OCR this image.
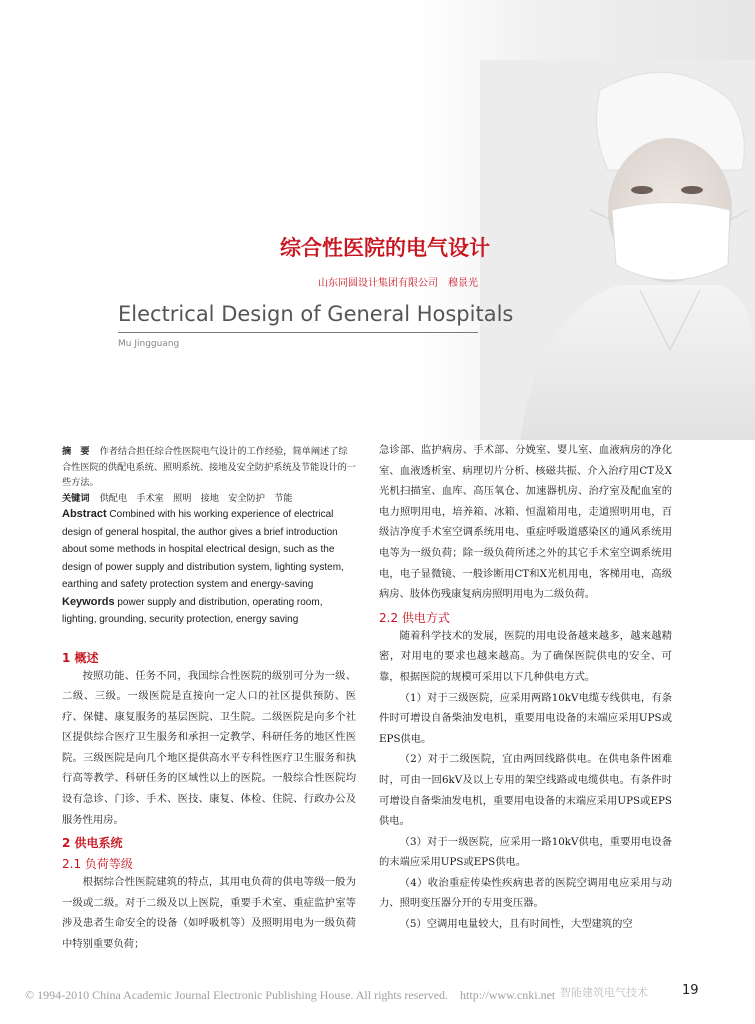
综合性医院的电气设计
山东同圆设计集团有限公司　穆景光
Electrical Design of General Hospitals
Mu Jingguang

摘　要 作者结合担任综合性医院电气设计的工作经验，简单阐述了综合性医院的供配电系统、照明系统、接地及安全防护系统及节能设计的一些方法。

关键词 供配电　手术室　照明　接地　安全防护　节能

Abstract Combined with his working experience of electrical design of general hospital, the author gives a brief introduction about some methods in hospital electrical design, such as the design of power supply and distribution system, lighting system, earthing and safety protection system and energy-saving

Keywords power supply and distribution, operating room, lighting, grounding, security protection, energy saving

1 概述

按照功能、任务不同，我国综合性医院的级别可分为一级、二级、三级。一级医院是直接向一定人口的社区提供预防、医疗、保健、康复服务的基层医院、卫生院。二级医院是向多个社区提供综合医疗卫生服务和承担一定教学、科研任务的地区性医院。三级医院是向几个地区提供高水平专科性医疗卫生服务和执行高等教学、科研任务的区域性以上的医院。一般综合性医院均设有急诊、门诊、手术、医技、康复、体检、住院、行政办公及服务性用房。

2 供电系统

2.1 负荷等级

根据综合性医院建筑的特点，其用电负荷的供电等级一般为一级或二级。对于二级及以上医院，重要手术室、重症监护室等涉及患者生命安全的设备（如呼吸机等）及照明用电为一级负荷中特别重要负荷；

急诊部、监护病房、手术部、分娩室、婴儿室、血液病房的净化室、血液透析室、病理切片分析、核磁共振、介入治疗用CT及X光机扫描室、血库、高压氧仓、加速器机房、治疗室及配血室的电力照明用电，培养箱、冰箱、恒温箱用电，走道照明用电，百级洁净度手术室空调系统用电、重症呼吸道感染区的通风系统用电等为一级负荷；除一级负荷所述之外的其它手术室空调系统用电，电子显微镜、一般诊断用CT和X光机用电，客梯用电，高级病房、肢体伤残康复病房照明用电为二级负荷。

2.2 供电方式

随着科学技术的发展，医院的用电设备越来越多，越来越精密，对用电的要求也越来越高。为了确保医院供电的安全、可靠，根据医院的规模可采用以下几种供电方式。

（1）对于三级医院，应采用两路10kV电缆专线供电，有条件时可增设自备柴油发电机，重要用电设备的末端应采用UPS或EPS供电。

（2）对于二级医院，宜由两回线路供电。在供电条件困难时，可由一回6kV及以上专用的架空线路或电缆供电。有条件时可增设自备柴油发电机，重要用电设备的末端应采用UPS或EPS供电。

（3）对于一级医院，应采用一路10kV供电，重要用电设备的末端应采用UPS或EPS供电。

（4）收治重症传染性疾病患者的医院空调用电应采用与动力、照明变压器分开的专用变压器。

（5）空调用电量较大，且有时间性，大型建筑的空

© 1994-2010 China Academic Journal Electronic Publishing House. All rights reserved.　http://www.cnki.net 智能建筑电气技术	19
